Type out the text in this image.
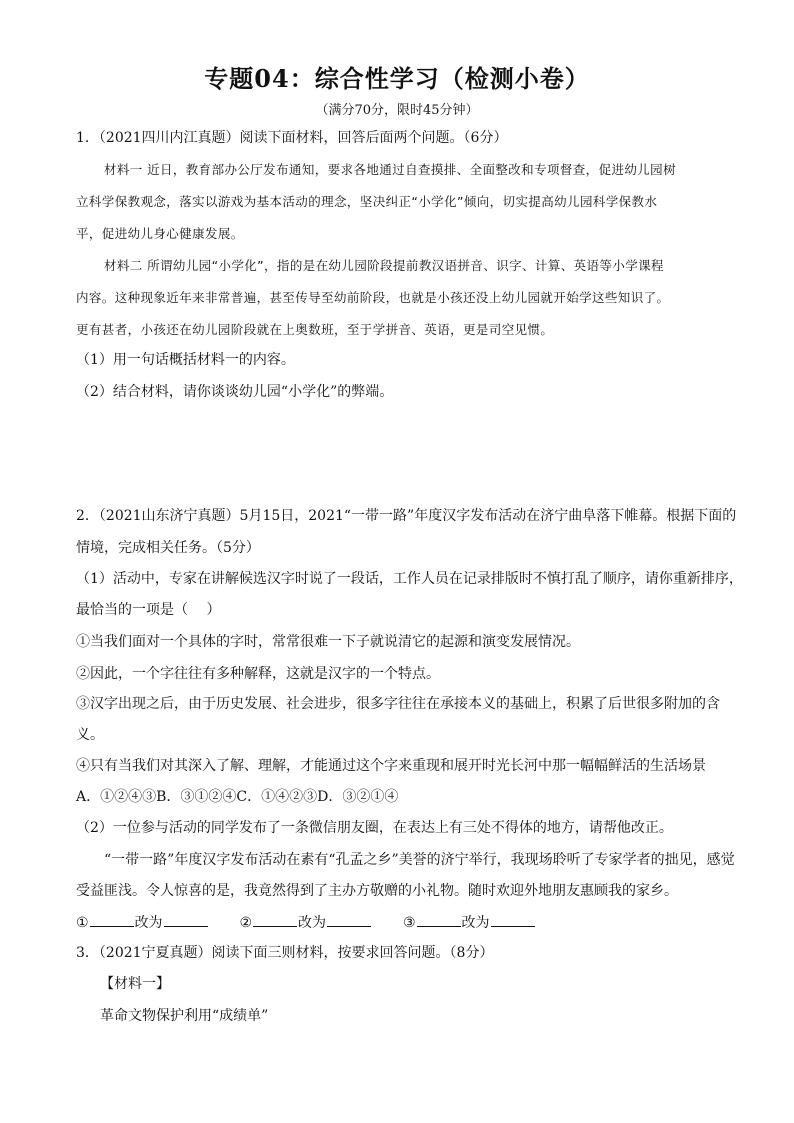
专题04：综合性学习（检测小卷）
（满分70分，限时45分钟）
1．（2021四川内江真题）阅读下面材料，回答后面两个问题。（6分）
材料一 近日，教育部办公厅发布通知，要求各地通过自查摸排、全面整改和专项督查，促进幼儿园树
立科学保教观念，落实以游戏为基本活动的理念，坚决纠正“小学化”倾向，切实提高幼儿园科学保教水
平，促进幼儿身心健康发展。
材料二 所谓幼儿园“小学化”，指的是在幼儿园阶段提前教汉语拼音、识字、计算、英语等小学课程
内容。这种现象近年来非常普遍，甚至传导至幼前阶段，也就是小孩还没上幼儿园就开始学这些知识了。
更有甚者，小孩还在幼儿园阶段就在上奥数班，至于学拼音、英语，更是司空见惯。
（1）用一句话概括材料一的内容。
（2）结合材料，请你谈谈幼儿园“小学化”的弊端。
2．（2021山东济宁真题）5月15日，2021“一带一路”年度汉字发布活动在济宁曲阜落下帷幕。根据下面的
情境，完成相关任务。（5分）
（1）活动中，专家在讲解候选汉字时说了一段话，工作人员在记录排版时不慎打乱了顺序，请你重新排序，
最恰当的一项是（　 ）
①当我们面对一个具体的字时，常常很难一下子就说清它的起源和演变发展情况。
②因此，一个字往往有多种解释，这就是汉字的一个特点。
③汉字出现之后，由于历史发展、社会进步，很多字往往在承接本义的基础上，积累了后世很多附加的含
义。
④只有当我们对其深入了解、理解，才能通过这个字来重现和展开时光长河中那一幅幅鲜活的生活场景
A．①②④③B．③①②④C．①④②③D．③②①④
（2）一位参与活动的同学发布了一条微信朋友圈，在表达上有三处不得体的地方，请帮他改正。
“一带一路”年度汉字发布活动在素有“孔孟之乡”美誉的济宁举行，我现场聆听了专家学者的拙见，感觉
受益匪浅。令人惊喜的是，我竟然得到了主办方敬赠的小礼物。随时欢迎外地朋友惠顾我的家乡。
①	改为	②	改为	③	改为
3．（2021宁夏真题）阅读下面三则材料，按要求回答问题。（8分）
【材料一】
革命文物保护利用“成绩单”
